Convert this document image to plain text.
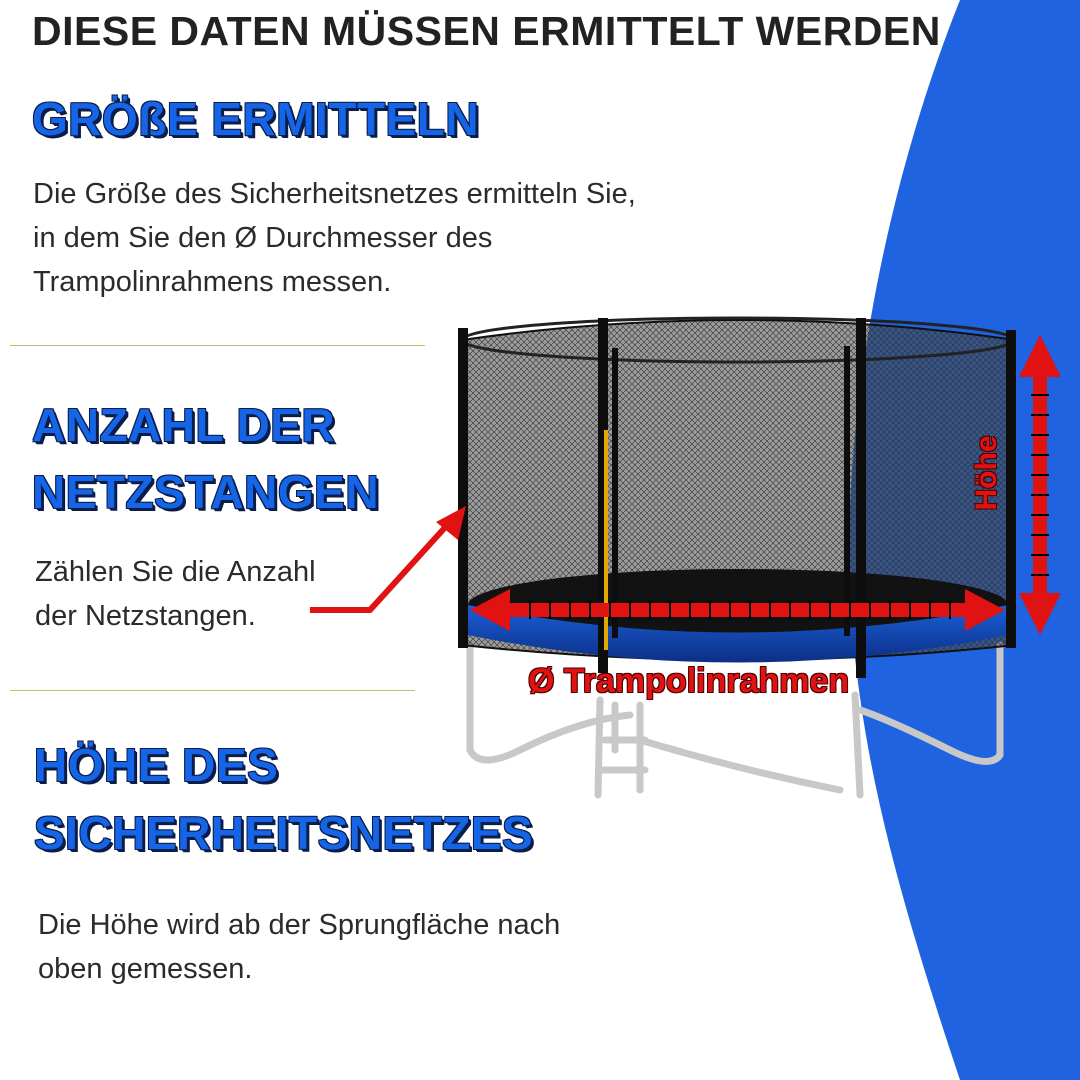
DIESE DATEN MÜSSEN ERMITTELT WERDEN
GRÖßE ERMITTELN
Die Größe des Sicherheitsnetzes ermitteln Sie,
in dem Sie den Ø Durchmesser des
Trampolinrahmens messen.
ANZAHL DER
NETZSTANGEN
Zählen Sie die Anzahl
der Netzstangen.
HÖHE DES
SICHERHEITSNETZES
Die Höhe wird ab der Sprungfläche nach
oben gemessen.
Ø Trampolinrahmen
Höhe
